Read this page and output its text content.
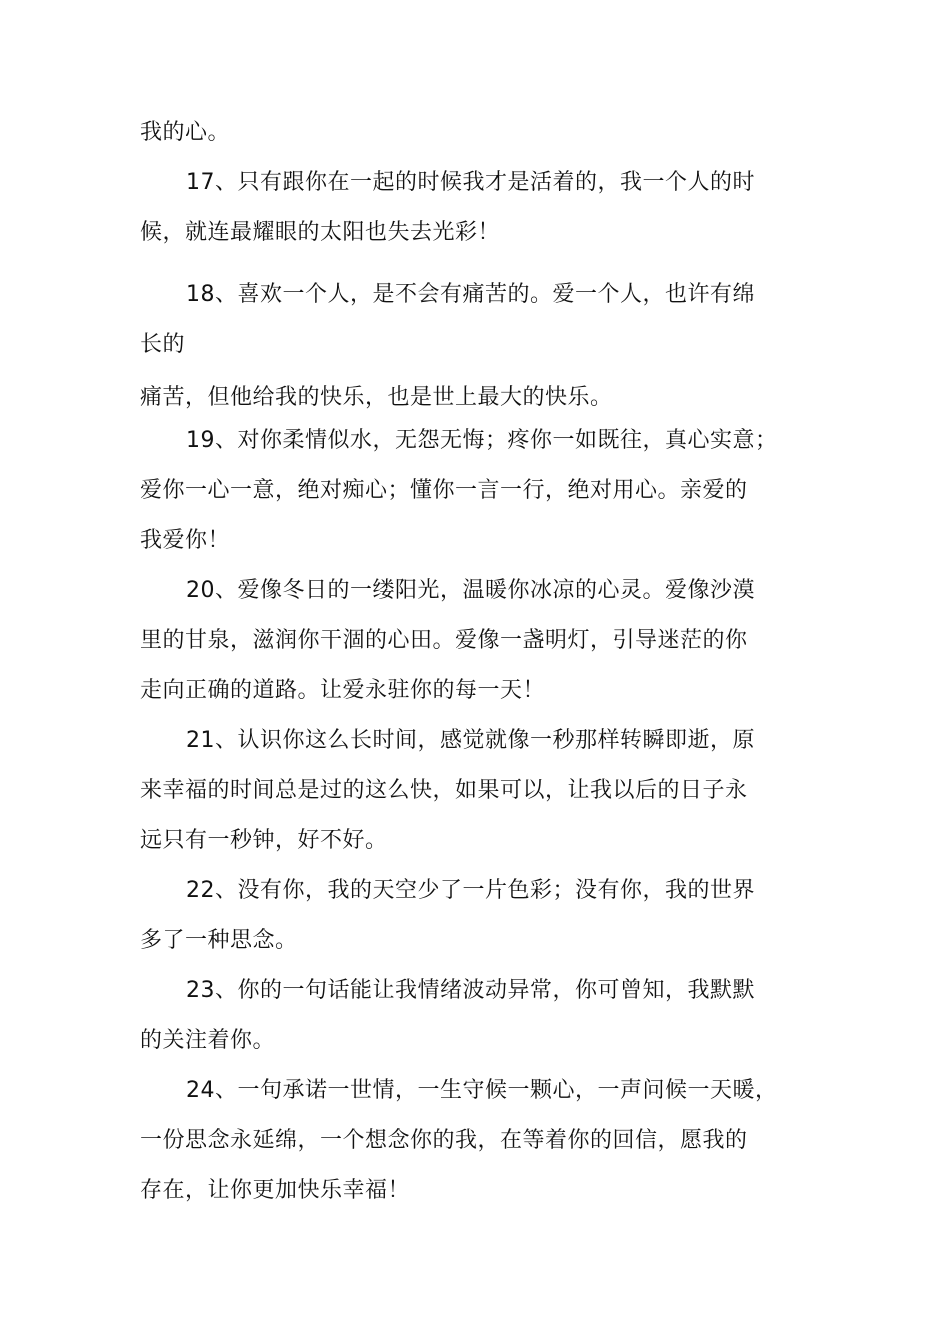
我的心。
17、只有跟你在一起的时候我才是活着的，我一个人的时
候，就连最耀眼的太阳也失去光彩！
18、喜欢一个人，是不会有痛苦的。爱一个人，也许有绵
长的
痛苦，但他给我的快乐，也是世上最大的快乐。
19、对你柔情似水，无怨无悔；疼你一如既往，真心实意；
爱你一心一意，绝对痴心；懂你一言一行，绝对用心。亲爱的
我爱你！
20、爱像冬日的一缕阳光，温暖你冰凉的心灵。爱像沙漠
里的甘泉，滋润你干涸的心田。爱像一盏明灯，引导迷茫的你
走向正确的道路。让爱永驻你的每一天！
21、认识你这么长时间，感觉就像一秒那样转瞬即逝，原
来幸福的时间总是过的这么快，如果可以，让我以后的日子永
远只有一秒钟，好不好。
22、没有你，我的天空少了一片色彩；没有你，我的世界
多了一种思念。
23、你的一句话能让我情绪波动异常，你可曾知，我默默
的关注着你。
24、一句承诺一世情，一生守候一颗心，一声问候一天暖，
一份思念永延绵，一个想念你的我，在等着你的回信，愿我的
存在，让你更加快乐幸福！
